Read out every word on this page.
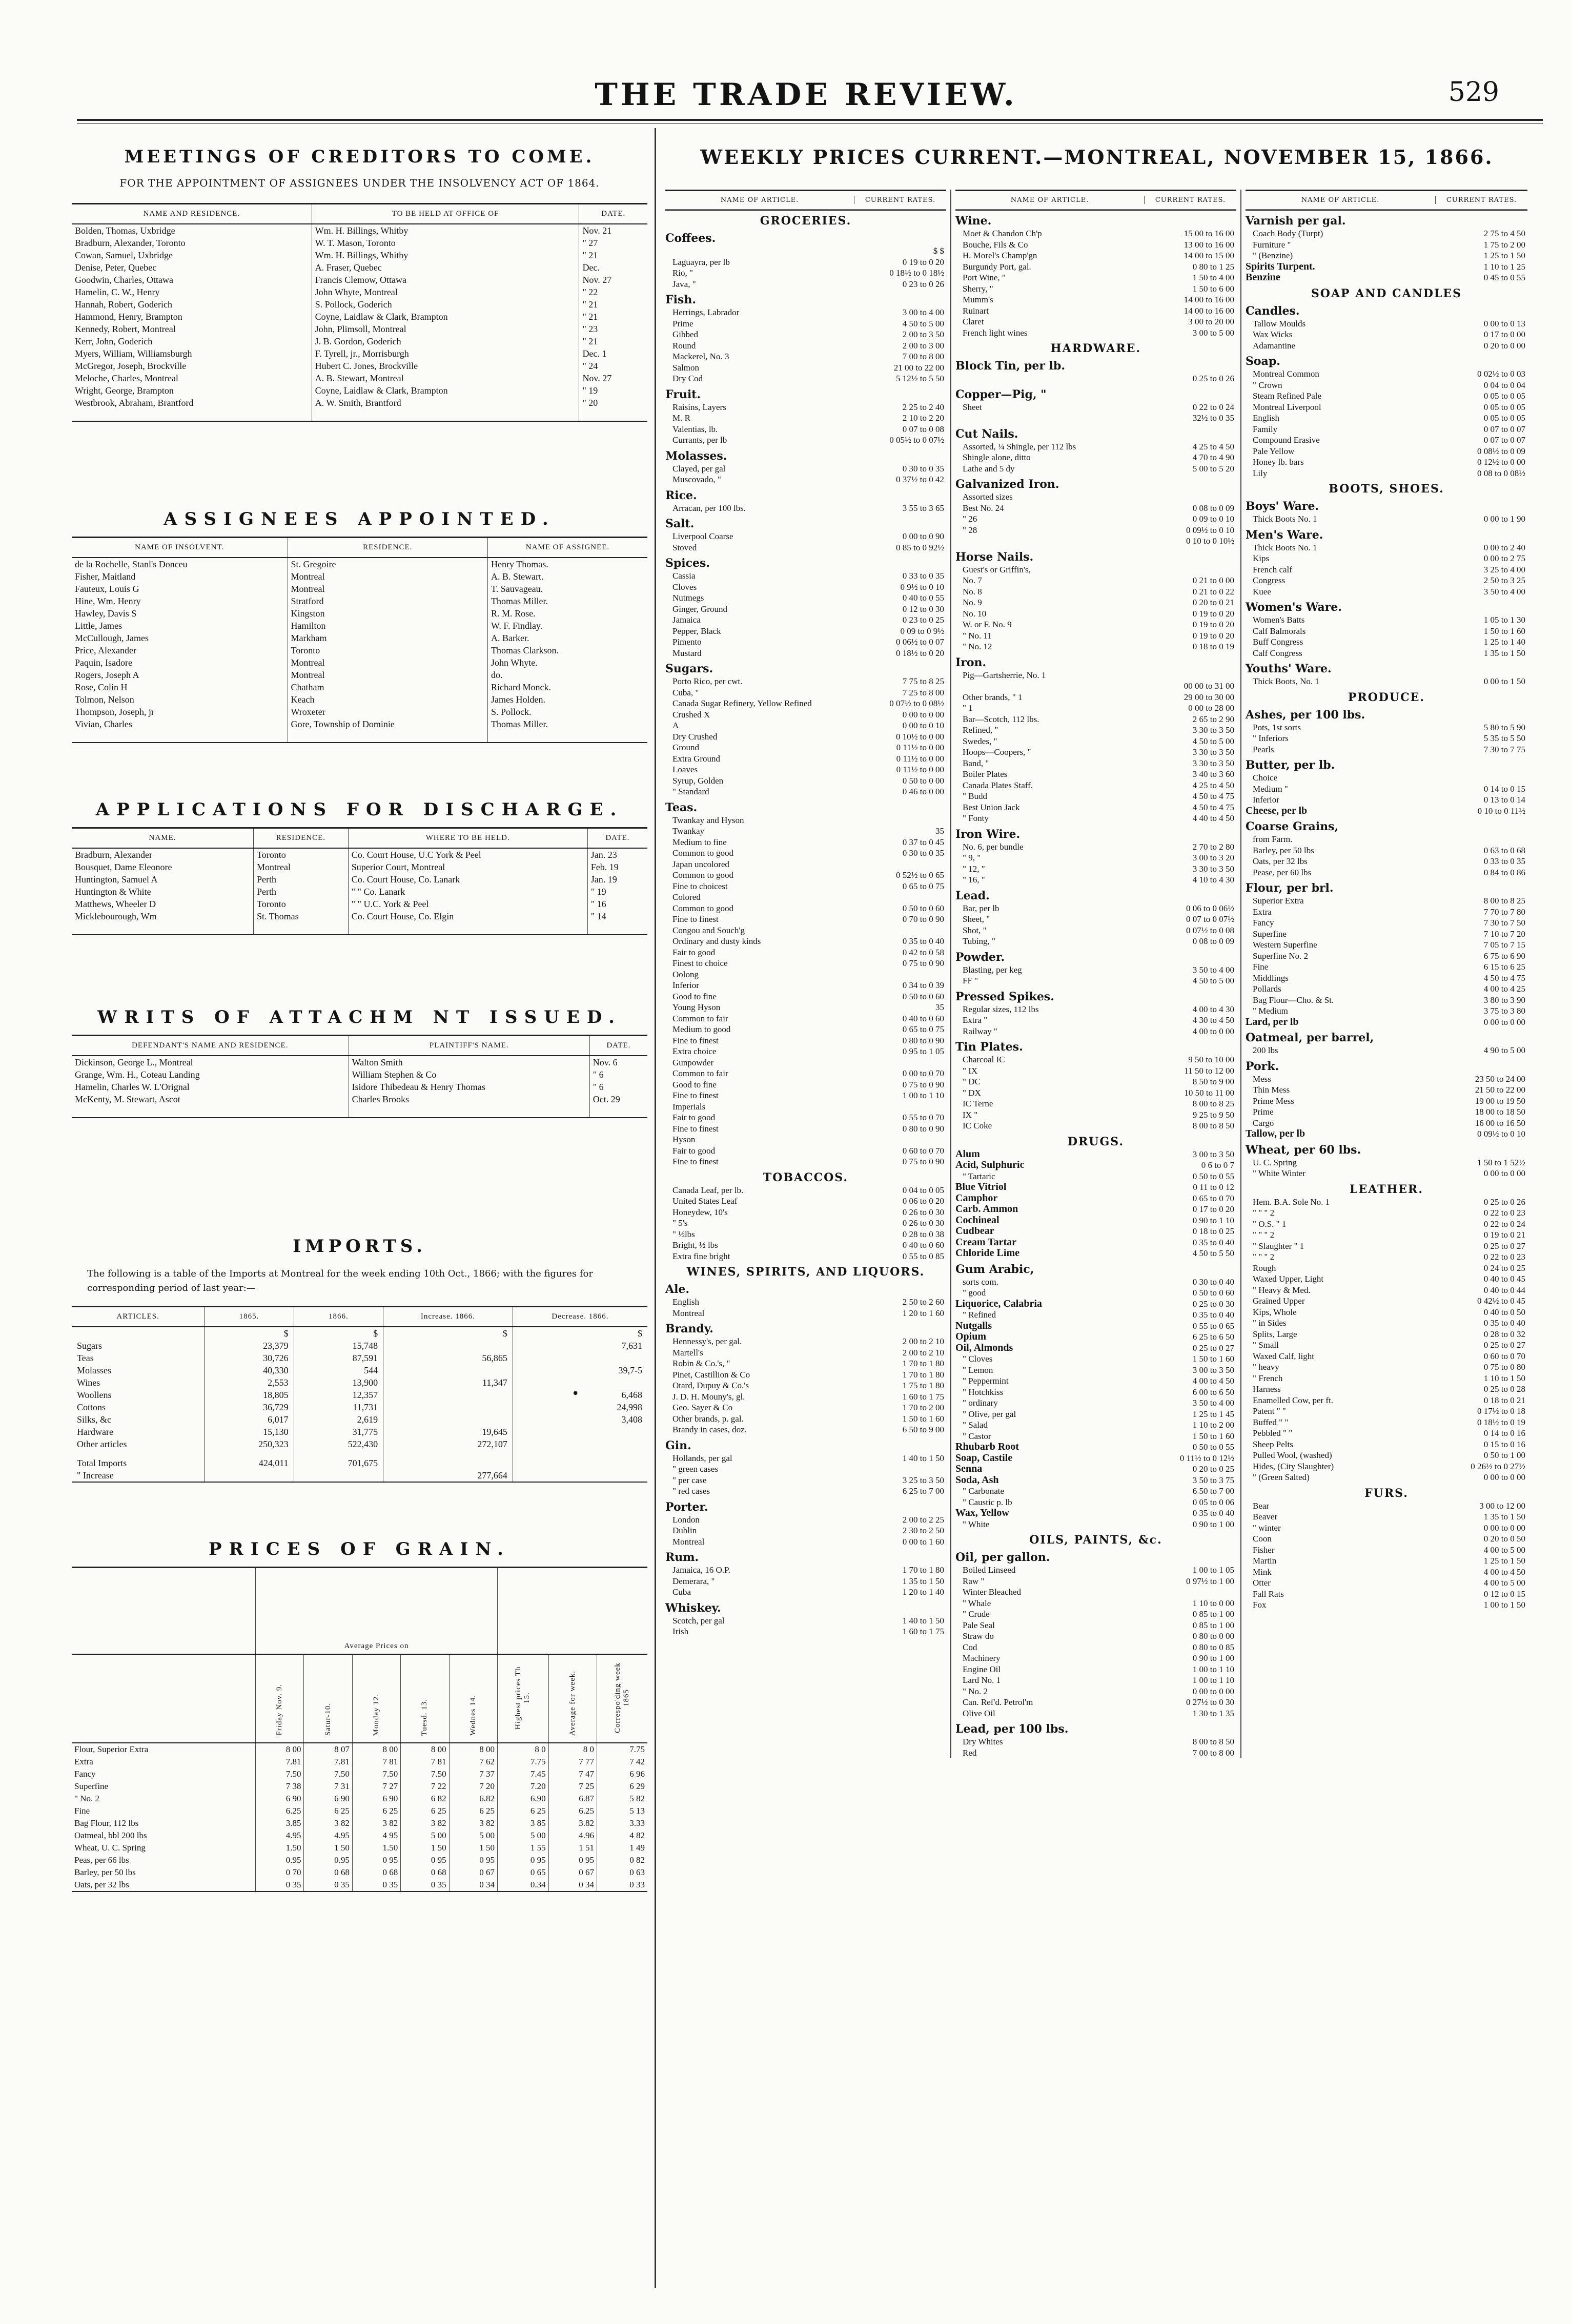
THE TRADE REVIEW.	529
MEETINGS OF CREDITORS TO COME.
FOR THE APPOINTMENT OF ASSIGNEES UNDER THE INSOLVENCY ACT OF 1864.
NAME AND RESIDENCE.	TO BE HELD AT OFFICE OF	DATE.
Bolden, Thomas, Uxbridge	Wm. H. Billings, Whitby	Nov. 21
Bradburn, Alexander, Toronto	W. T. Mason, Toronto	" 27
Cowan, Samuel, Uxbridge	Wm. H. Billings, Whitby	" 21
Denise, Peter, Quebec	A. Fraser, Quebec	Dec.
Goodwin, Charles, Ottawa	Francis Clemow, Ottawa	Nov. 27
Hamelin, C. W., Henry	John Whyte, Montreal	" 22
Hannah, Robert, Goderich	S. Pollock, Goderich	" 21
Hammond, Henry, Brampton	Coyne, Laidlaw & Clark, Brampton	" 21
Kennedy, Robert, Montreal	John, Plimsoll, Montreal	" 23
Kerr, John, Goderich	J. B. Gordon, Goderich	" 21
Myers, William, Williamsburgh	F. Tyrell, jr., Morrisburgh	Dec. 1
McGregor, Joseph, Brockville	Hubert C. Jones, Brockville	" 24
Meloche, Charles, Montreal	A. B. Stewart, Montreal	Nov. 27
Wright, George, Brampton	Coyne, Laidlaw & Clark, Brampton	" 19
Westbrook, Abraham, Brantford	A. W. Smith, Brantford	" 20

ASSIGNEES APPOINTED.
NAME OF INSOLVENT.	RESIDENCE.	NAME OF ASSIGNEE.
de la Rochelle, Stanl's Donceu	St. Gregoire	Henry Thomas.
Fisher, Maitland	Montreal	A. B. Stewart.
Fauteux, Louis G	Montreal	T. Sauvageau.
Hine, Wm. Henry	Stratford	Thomas Miller.
Hawley, Davis S	Kingston	R. M. Rose.
Little, James	Hamilton	W. F. Findlay.
McCullough, James	Markham	A. Barker.
Price, Alexander	Toronto	Thomas Clarkson.
Paquin, Isadore	Montreal	John Whyte.
Rogers, Joseph A	Montreal	do.
Rose, Colin H	Chatham	Richard Monck.
Tolmon, Nelson	Keach	James Holden.
Thompson, Joseph, jr	Wroxeter	S. Pollock.
Vivian, Charles	Gore, Township of Dominie	Thomas Miller.

APPLICATIONS FOR DISCHARGE.
NAME.	RESIDENCE.	WHERE TO BE HELD.	DATE.
Bradburn, Alexander	Toronto	Co. Court House, U.C York & Peel	Jan. 23
Bousquet, Dame Eleonore	Montreal	Superior Court, Montreal	Feb. 19
Huntington, Samuel A	Perth	Co. Court House, Co. Lanark	Jan. 19
Huntington & White	Perth	" " Co. Lanark	" 19
Matthews, Wheeler D	Toronto	" " U.C. York & Peel	" 16
Micklebourough, Wm	St. Thomas	Co. Court House, Co. Elgin	" 14

WRITS OF ATTACHM NT ISSUED.
DEFENDANT'S NAME AND RESIDENCE.	PLAINTIFF'S NAME.	DATE.
Dickinson, George L., Montreal	Walton Smith	Nov. 6
Grange, Wm. H., Coteau Landing	William Stephen & Co	" 6
Hamelin, Charles W. L'Orignal	Isidore Thibedeau & Henry Thomas	" 6
McKenty, M. Stewart, Ascot	Charles Brooks	Oct. 29

IMPORTS.
The following is a table of the Imports at Montreal for the week ending 10th Oct., 1866; with the figures for corresponding period of last year:—
ARTICLES.	1865.	1866.	Increase. 1866.	Decrease. 1866.
	$	$	$	$
Sugars	23,379	15,748		7,631
Teas	30,726	87,591	56,865	
Molasses	40,330	544		39,7-5
Wines	2,553	13,900	11,347	
Woollens	18,805	12,357		6,468
Cottons	36,729	11,731		24,998
Silks, &c	6,017	2,619		3,408
Hardware	15,130	31,775	19,645	
Other articles	250,323	522,430	272,107	
Total Imports	424,011	701,675		
" Increase			277,664	
PRICES OF GRAIN.
	Average Prices on							
	Friday Nov. 9.	Satur-10.	Monday 12.	Tuesd. 13.	Wednes 14.	Highest prices Th 15.	Average for week.	Correspo'ding week 1865
Flour, Superior Extra	8 00	8 07	8 00	8 00	8 00	8 0	8 0	7.75
Extra	7.81	7.81	7 81	7 81	7 62	7.75	7 77	7 42
Fancy	7.50	7.50	7.50	7.50	7 37	7.45	7 47	6 96
Superfine	7 38	7 31	7 27	7 22	7 20	7.20	7 25	6 29
" No. 2	6 90	6 90	6 90	6 82	6.82	6.90	6.87	5 82
Fine	6.25	6 25	6 25	6 25	6 25	6 25	6.25	5 13
Bag Flour, 112 lbs	3.85	3 82	3 82	3 82	3 82	3 85	3.82	3.33
Oatmeal, bbl 200 lbs	4.95	4.95	4 95	5 00	5 00	5 00	4.96	4 82
Wheat, U. C. Spring	1.50	1 50	1.50	1 50	1 50	1 55	1 51	1 49
Peas, per 66 lbs	0.95	0.95	0 95	0 95	0 95	0 95	0 95	0 82
Barley, per 50 lbs	0 70	0 68	0 68	0 68	0 67	0 65	0 67	0 63
Oats, per 32 lbs	0 35	0 35	0 35	0 35	0 34	0.34	0 34	0 33
WEEKLY PRICES CURRENT.—MONTREAL, NOVEMBER 15, 1866.
NAME OF ARTICLE.	CURRENT RATES.
GROCERIES.
Coffees.
$ $
Laguayra, per lb	0 19 to 0 20
Rio, "	0 18½ to 0 18½
Java, "	0 23 to 0 26
Fish.
Herrings, Labrador	3 00 to 4 00
Prime	4 50 to 5 00
Gibbed	2 00 to 3 50
Round	2 00 to 3 00
Mackerel, No. 3	7 00 to 8 00
Salmon	21 00 to 22 00
Dry Cod	5 12½ to 5 50
Fruit.
Raisins, Layers	2 25 to 2 40
M. R	2 10 to 2 20
Valentias, lb.	0 07 to 0 08
Currants, per lb	0 05½ to 0 07½
Molasses.
Clayed, per gal	0 30 to 0 35
Muscovado, "	0 37½ to 0 42
Rice.
Arracan, per 100 lbs.	3 55 to 3 65
Salt.
Liverpool Coarse	0 00 to 0 90
Stoved	0 85 to 0 92½
Spices.
Cassia	0 33 to 0 35
Cloves	0 9½ to 0 10
Nutmegs	0 40 to 0 55
Ginger, Ground	0 12 to 0 30
Jamaica	0 23 to 0 25
Pepper, Black	0 09 to 0 9½
Pimento	0 06½ to 0 07
Mustard	0 18½ to 0 20
Sugars.
Porto Rico, per cwt.	7 75 to 8 25
Cuba, "	7 25 to 8 00
Canada Sugar Refinery, Yellow Refined	0 07½ to 0 08½
Crushed X	0 00 to 0 00
A	0 00 to 0 10
Dry Crushed	0 10½ to 0 00
Ground	0 11½ to 0 00
Extra Ground	0 11½ to 0 00
Loaves	0 11½ to 0 00
Syrup, Golden	0 50 to 0 00
" Standard	0 46 to 0 00
Teas.
Twankay and Hyson
Twankay	35
Medium to fine	0 37 to 0 45
Common to good	0 30 to 0 35
Japan uncolored
Common to good	0 52½ to 0 65
Fine to choicest	0 65 to 0 75
Colored
Common to good	0 50 to 0 60
Fine to finest	0 70 to 0 90
Congou and Souch'g
Ordinary and dusty kinds	0 35 to 0 40
Fair to good	0 42 to 0 58
Finest to choice	0 75 to 0 90
Oolong
Inferior	0 34 to 0 39
Good to fine	0 50 to 0 60
Young Hyson	35
Common to fair	0 40 to 0 60
Medium to good	0 65 to 0 75
Fine to finest	0 80 to 0 90
Extra choice	0 95 to 1 05
Gunpowder
Common to fair	0 00 to 0 70
Good to fine	0 75 to 0 90
Fine to finest	1 00 to 1 10
Imperials
Fair to good	0 55 to 0 70
Fine to finest	0 80 to 0 90
Hyson
Fair to good	0 60 to 0 70
Fine to finest	0 75 to 0 90
TOBACCOS.
Canada Leaf, per lb.	0 04 to 0 05
United States Leaf	0 06 to 0 20
Honeydew, 10's	0 26 to 0 30
" 5's	0 26 to 0 30
" ½lbs	0 28 to 0 38
Bright, ½ lbs	0 40 to 0 60
Extra fine bright	0 55 to 0 85
WINES, SPIRITS, AND LIQUORS.
Ale.
English	2 50 to 2 60
Montreal	1 20 to 1 60
Brandy.
Hennessy's, per gal.	2 00 to 2 10
Martell's	2 00 to 2 10
Robin & Co.'s, "	1 70 to 1 80
Pinet, Castillion & Co	1 70 to 1 80
Otard, Dupuy & Co.'s	1 75 to 1 80
J. D. H. Mouny's, gl.	1 60 to 1 75
Geo. Sayer & Co	1 70 to 2 00
Other brands, p. gal.	1 50 to 1 60
Brandy in cases, doz.	6 50 to 9 00
Gin.
Hollands, per gal	1 40 to 1 50
" green cases
" per case	3 25 to 3 50
" red cases	6 25 to 7 00
Porter.
London	2 00 to 2 25
Dublin	2 30 to 2 50
Montreal	0 00 to 1 60
Rum.
Jamaica, 16 O.P.	1 70 to 1 80
Demerara, "	1 35 to 1 50
Cuba	1 20 to 1 40
Whiskey.
Scotch, per gal	1 40 to 1 50
Irish	1 60 to 1 75
NAME OF ARTICLE.	CURRENT RATES.
Wine.
Moet & Chandon Ch'p	15 00 to 16 00
Bouche, Fils & Co	13 00 to 16 00
H. Morel's Champ'gn	14 00 to 15 00
Burgundy Port, gal.	0 80 to 1 25
Port Wine, "	1 50 to 4 00
Sherry, "	1 50 to 6 00
Mumm's	14 00 to 16 00
Ruinart	14 00 to 16 00
Claret	3 00 to 20 00
French light wines	3 00 to 5 00
HARDWARE.
Block Tin, per lb.
0 25 to 0 26
Copper—Pig, "
Sheet	0 22 to 0 24
32½ to 0 35
Cut Nails.
Assorted, ¼ Shingle, per 112 lbs	4 25 to 4 50
Shingle alone, ditto	4 70 to 4 90
Lathe and 5 dy	5 00 to 5 20
Galvanized Iron.
Assorted sizes
Best No. 24	0 08 to 0 09
" 26	0 09 to 0 10
" 28	0 09½ to 0 10
0 10 to 0 10½
Horse Nails.
Guest's or Griffin's,
No. 7	0 21 to 0 00
No. 8	0 21 to 0 22
No. 9	0 20 to 0 21
No. 10	0 19 to 0 20
W. or F. No. 9	0 19 to 0 20
" No. 11	0 19 to 0 20
" No. 12	0 18 to 0 19
Iron.
Pig—Gartsherrie, No. 1
00 00 to 31 00
Other brands, " 1	29 00 to 30 00
" 1	0 00 to 28 00
Bar—Scotch, 112 lbs.	2 65 to 2 90
Refined, "	3 30 to 3 50
Swedes, "	4 50 to 5 00
Hoops—Coopers, "	3 30 to 3 50
Band, "	3 30 to 3 50
Boiler Plates	3 40 to 3 60
Canada Plates Staff.	4 25 to 4 50
" Budd	4 50 to 4 75
Best Union Jack	4 50 to 4 75
" Fonty	4 40 to 4 50
Iron Wire.
No. 6, per bundle	2 70 to 2 80
" 9, "	3 00 to 3 20
" 12, "	3 30 to 3 50
" 16, "	4 10 to 4 30
Lead.
Bar, per lb	0 06 to 0 06½
Sheet, "	0 07 to 0 07½
Shot, "	0 07½ to 0 08
Tubing, "	0 08 to 0 09
Powder.
Blasting, per keg	3 50 to 4 00
FF "	4 50 to 5 00
Pressed Spikes.
Regular sizes, 112 lbs	4 00 to 4 30
Extra "	4 30 to 4 50
Railway "	4 00 to 0 00
Tin Plates.
Charcoal IC	9 50 to 10 00
" IX	11 50 to 12 00
" DC	8 50 to 9 00
" DX	10 50 to 11 00
IC Terne	8 00 to 8 25
IX "	9 25 to 9 50
IC Coke	8 00 to 8 50
DRUGS.
Alum	3 00 to 3 50
Acid, Sulphuric	0 6 to 0 7
" Tartaric	0 50 to 0 55
Blue Vitriol	0 11 to 0 12
Camphor	0 65 to 0 70
Carb. Ammon	0 17 to 0 20
Cochineal	0 90 to 1 10
Cudbear	0 18 to 0 25
Cream Tartar	0 35 to 0 40
Chloride Lime	4 50 to 5 50
Gum Arabic,
sorts com.	0 30 to 0 40
" good	0 50 to 0 60
Liquorice, Calabria	0 25 to 0 30
" Refined	0 35 to 0 40
Nutgalls	0 55 to 0 65
Opium	6 25 to 6 50
Oil, Almonds	0 25 to 0 27
" Cloves	1 50 to 1 60
" Lemon	3 00 to 3 50
" Peppermint	4 00 to 4 50
" Hotchkiss	6 00 to 6 50
" ordinary	3 50 to 4 00
" Olive, per gal	1 25 to 1 45
" Salad	1 10 to 2 00
" Castor	1 50 to 1 60
Rhubarb Root	0 50 to 0 55
Soap, Castile	0 11½ to 0 12½
Senna	0 20 to 0 25
Soda, Ash	3 50 to 3 75
" Carbonate	6 50 to 7 00
" Caustic p. lb	0 05 to 0 06
Wax, Yellow	0 35 to 0 40
" White	0 90 to 1 00
OILS, PAINTS, &c.
Oil, per gallon.
Boiled Linseed	1 00 to 1 05
Raw "	0 97½ to 1 00
Winter Bleached
" Whale	1 10 to 0 00
" Crude	0 85 to 1 00
Pale Seal	0 85 to 1 00
Straw do	0 80 to 0 00
Cod	0 80 to 0 85
Machinery	0 90 to 1 00
Engine Oil	1 00 to 1 10
Lard No. 1	1 00 to 1 10
" No. 2	0 00 to 0 00
Can. Ref'd. Petrol'm	0 27½ to 0 30
Olive Oil	1 30 to 1 35
Lead, per 100 lbs.
Dry Whites	8 00 to 8 50
Red	7 00 to 8 00
NAME OF ARTICLE.	CURRENT RATES.
Varnish per gal.
Coach Body (Turpt)	2 75 to 4 50
Furniture "	1 75 to 2 00
" (Benzine)	1 25 to 1 50
Spirits Turpent.	1 10 to 1 25
Benzine	0 45 to 0 55
SOAP AND CANDLES
Candles.
Tallow Moulds	0 00 to 0 13
Wax Wicks	0 17 to 0 00
Adamantine	0 20 to 0 00
Soap.
Montreal Common	0 02½ to 0 03
" Crown	0 04 to 0 04
Steam Refined Pale	0 05 to 0 05
Montreal Liverpool	0 05 to 0 05
English	0 05 to 0 05
Family	0 07 to 0 07
Compound Erasive	0 07 to 0 07
Pale Yellow	0 08½ to 0 09
Honey lb. bars	0 12½ to 0 00
Lily	0 08 to 0 08½
BOOTS, SHOES.
Boys' Ware.
Thick Boots No. 1	0 00 to 1 90
Men's Ware.
Thick Boots No. 1	0 00 to 2 40
Kips	0 00 to 2 75
French calf	3 25 to 4 00
Congress	2 50 to 3 25
Kuee	3 50 to 4 00
Women's Ware.
Women's Batts	1 05 to 1 30
Calf Balmorals	1 50 to 1 60
Buff Congress	1 25 to 1 40
Calf Congress	1 35 to 1 50
Youths' Ware.
Thick Boots, No. 1	0 00 to 1 50
PRODUCE.
Ashes, per 100 lbs.
Pots, 1st sorts	5 80 to 5 90
" Inferiors	5 35 to 5 50
Pearls	7 30 to 7 75
Butter, per lb.
Choice
Medium "	0 14 to 0 15
Inferior	0 13 to 0 14
Cheese, per lb	0 10 to 0 11½
Coarse Grains,
from Farm.
Barley, per 50 lbs	0 63 to 0 68
Oats, per 32 lbs	0 33 to 0 35
Pease, per 60 lbs	0 84 to 0 86
Flour, per brl.
Superior Extra	8 00 to 8 25
Extra	7 70 to 7 80
Fancy	7 30 to 7 50
Superfine	7 10 to 7 20
Western Superfine	7 05 to 7 15
Superfine No. 2	6 75 to 6 90
Fine	6 15 to 6 25
Middlings	4 50 to 4 75
Pollards	4 00 to 4 25
Bag Flour—Cho. & St.	3 80 to 3 90
" Medium	3 75 to 3 80
Lard, per lb	0 00 to 0 00
Oatmeal, per barrel,
200 lbs	4 90 to 5 00
Pork.
Mess	23 50 to 24 00
Thin Mess	21 50 to 22 00
Prime Mess	19 00 to 19 50
Prime	18 00 to 18 50
Cargo	16 00 to 16 50
Tallow, per lb	0 09½ to 0 10
Wheat, per 60 lbs.
U. C. Spring	1 50 to 1 52½
" White Winter	0 00 to 0 00
LEATHER.
Hem. B.A. Sole No. 1	0 25 to 0 26
" " " 2	0 22 to 0 23
" O.S. " 1	0 22 to 0 24
" " " 2	0 19 to 0 21
" Slaughter " 1	0 25 to 0 27
" " " 2	0 22 to 0 23
Rough	0 24 to 0 25
Waxed Upper, Light	0 40 to 0 45
" Heavy & Med.	0 40 to 0 44
Grained Upper	0 42½ to 0 45
Kips, Whole	0 40 to 0 50
" in Sides	0 35 to 0 40
Splits, Large	0 28 to 0 32
" Small	0 25 to 0 27
Waxed Calf, light	0 60 to 0 70
" heavy	0 75 to 0 80
" French	1 10 to 1 50
Harness	0 25 to 0 28
Enamelled Cow, per ft.	0 18 to 0 21
Patent " "	0 17½ to 0 18
Buffed " "	0 18½ to 0 19
Pebbled " "	0 14 to 0 16
Sheep Pelts	0 15 to 0 16
Pulled Wool, (washed)	0 50 to 1 00
Hides, (City Slaughter)	0 26½ to 0 27½
" (Green Salted)	0 00 to 0 00
FURS.
Bear	3 00 to 12 00
Beaver	1 35 to 1 50
" winter	0 00 to 0 00
Coon	0 20 to 0 50
Fisher	4 00 to 5 00
Martin	1 25 to 1 50
Mink	4 00 to 4 50
Otter	4 00 to 5 00
Fall Rats	0 12 to 0 15
Fox	1 00 to 1 50
•
